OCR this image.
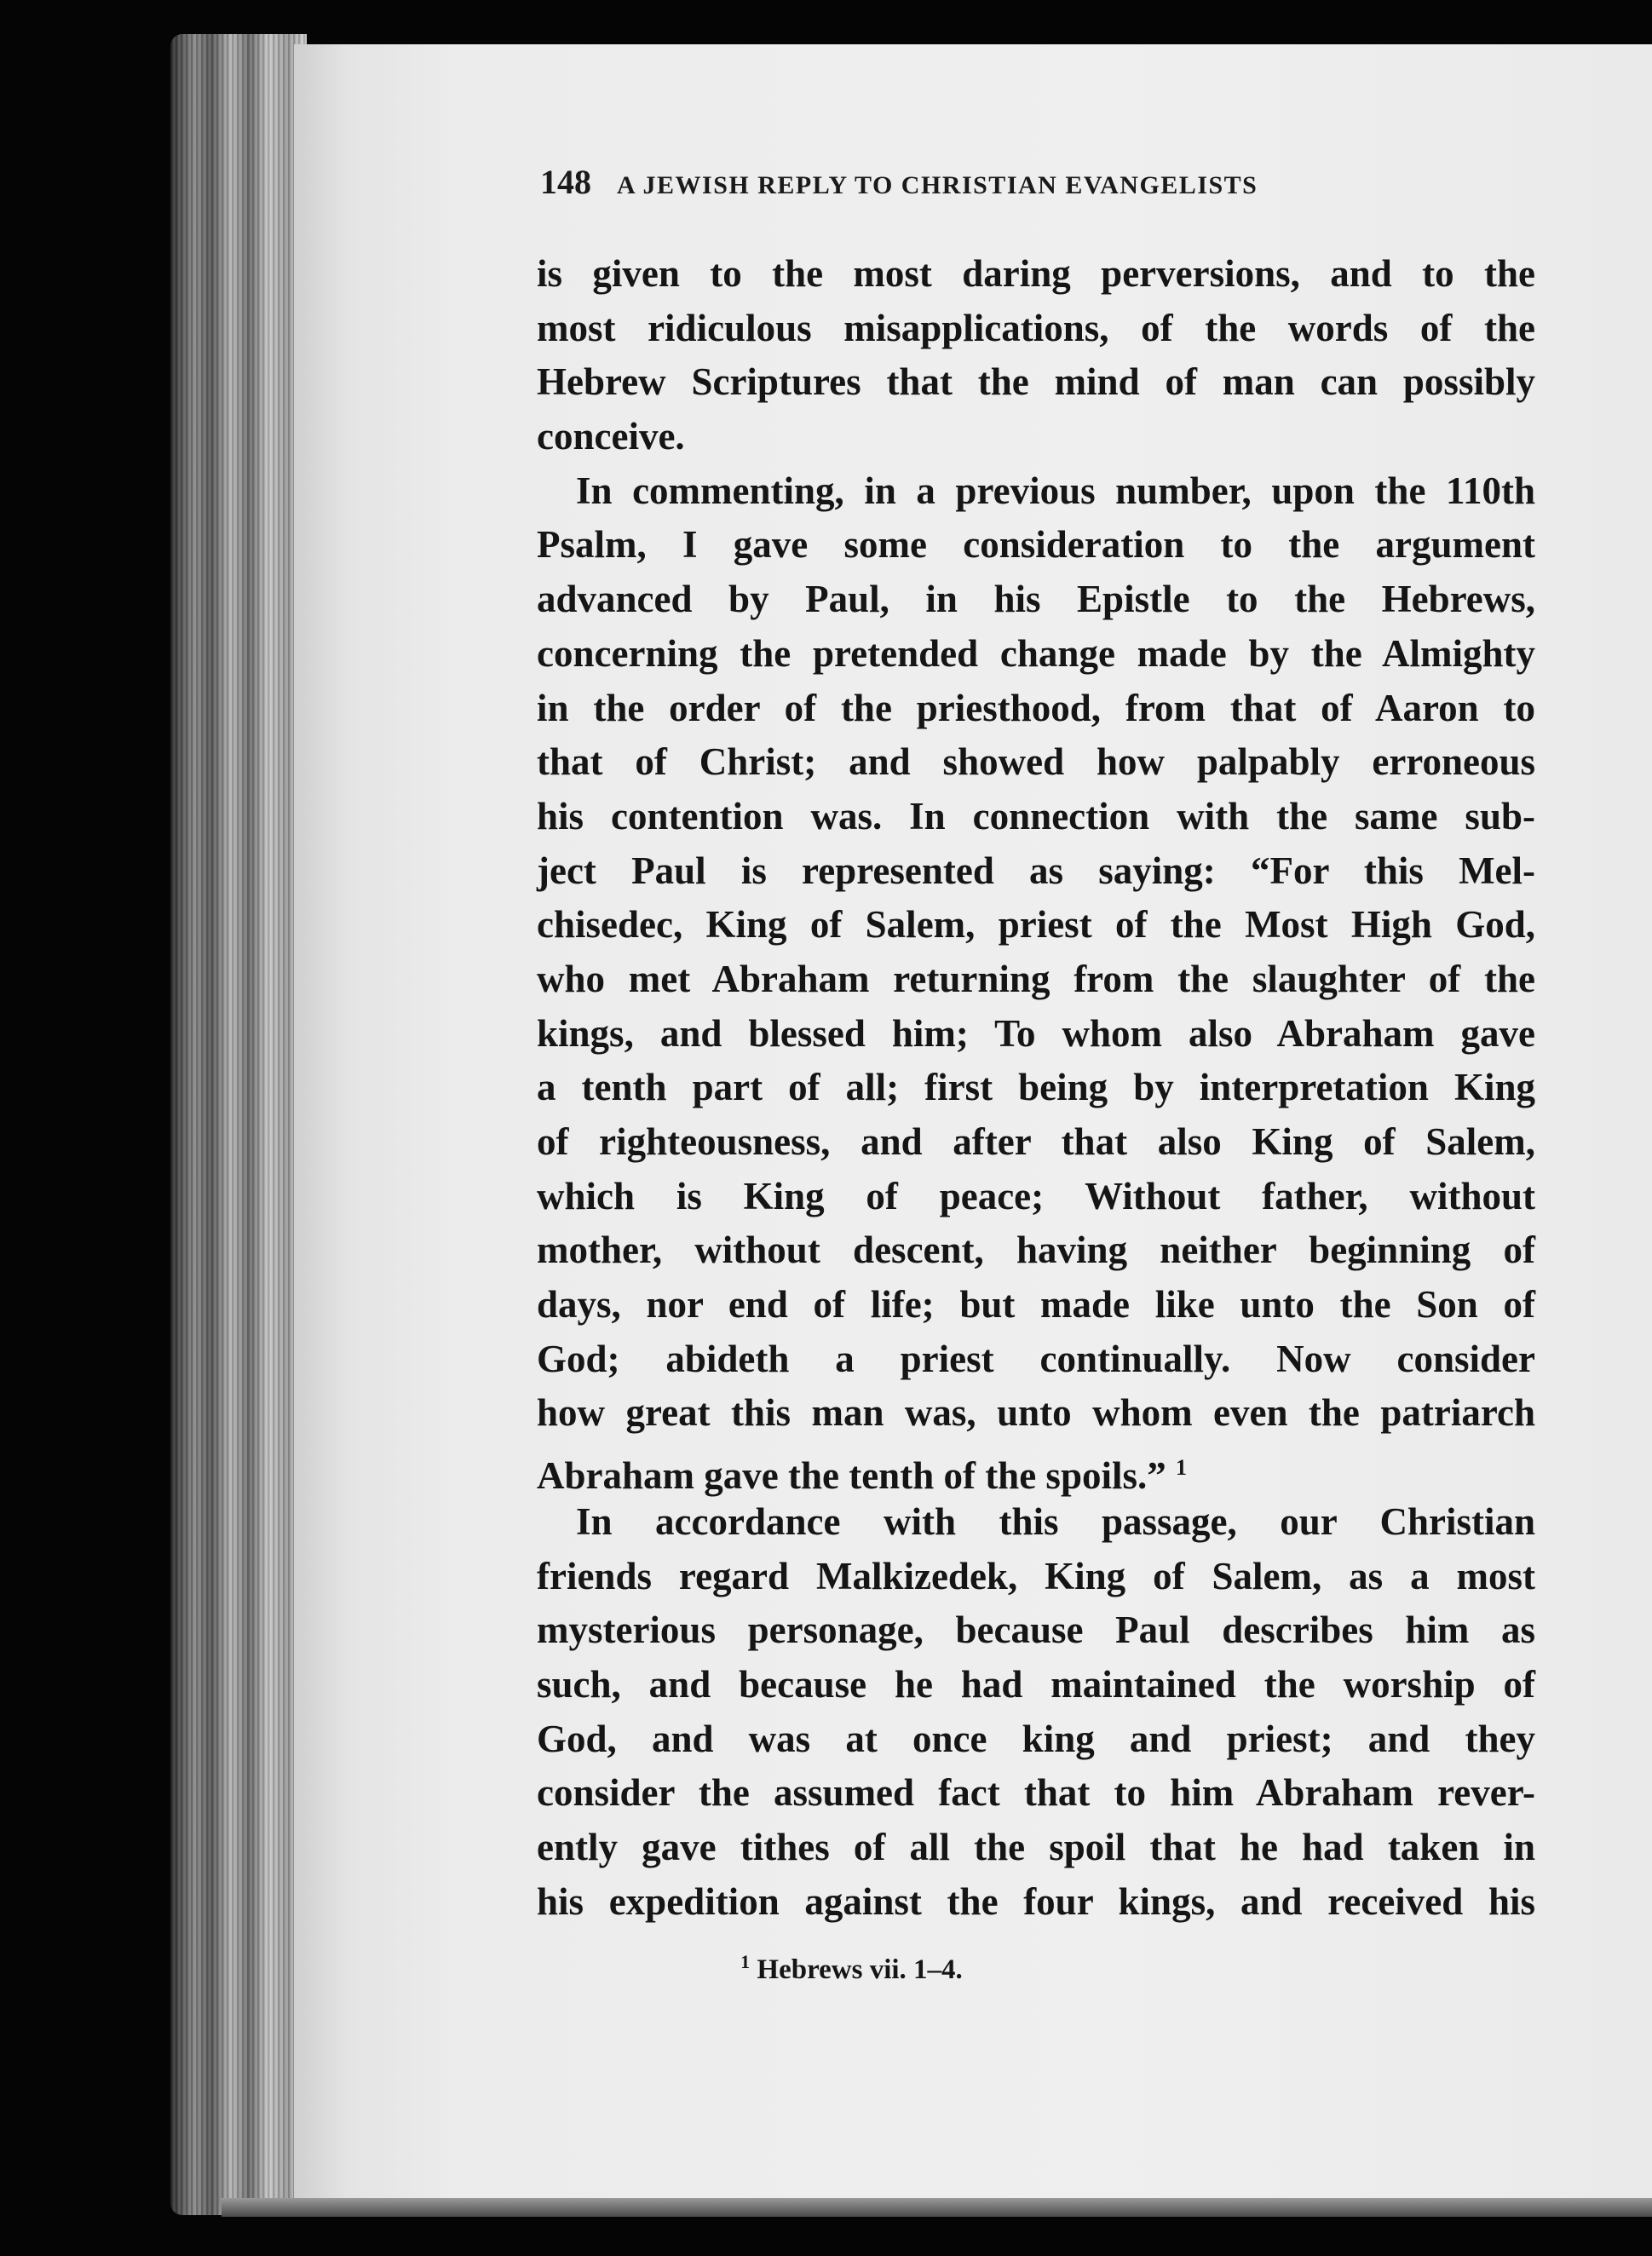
148 A JEWISH REPLY TO CHRISTIAN EVANGELISTS
is given to the most daring perversions, and to the
most ridiculous misapplications, of the words of the
Hebrew Scriptures that the mind of man can possibly
conceive.
In commenting, in a previous number, upon the 110th
Psalm, I gave some consideration to the argument
advanced by Paul, in his Epistle to the Hebrews,
concerning the pretended change made by the Almighty
in the order of the priesthood, from that of Aaron to
that of Christ; and showed how palpably erroneous
his contention was. In connection with the same sub-
ject Paul is represented as saying: “For this Mel-
chisedec, King of Salem, priest of the Most High God,
who met Abraham returning from the slaughter of the
kings, and blessed him; To whom also Abraham gave
a tenth part of all; first being by interpretation King
of righteousness, and after that also King of Salem,
which is King of peace; Without father, without
mother, without descent, having neither beginning of
days, nor end of life; but made like unto the Son of
God; abideth a priest continually. Now consider
how great this man was, unto whom even the patriarch
Abraham gave the tenth of the spoils.” $^1$
In accordance with this passage, our Christian
friends regard Malkizedek, King of Salem, as a most
mysterious personage, because Paul describes him as
such, and because he had maintained the worship of
God, and was at once king and priest; and they
consider the assumed fact that to him Abraham rever-
ently gave tithes of all the spoil that he had taken in
his expedition against the four kings, and received his
$^1$ Hebrews vii. 1–4.
